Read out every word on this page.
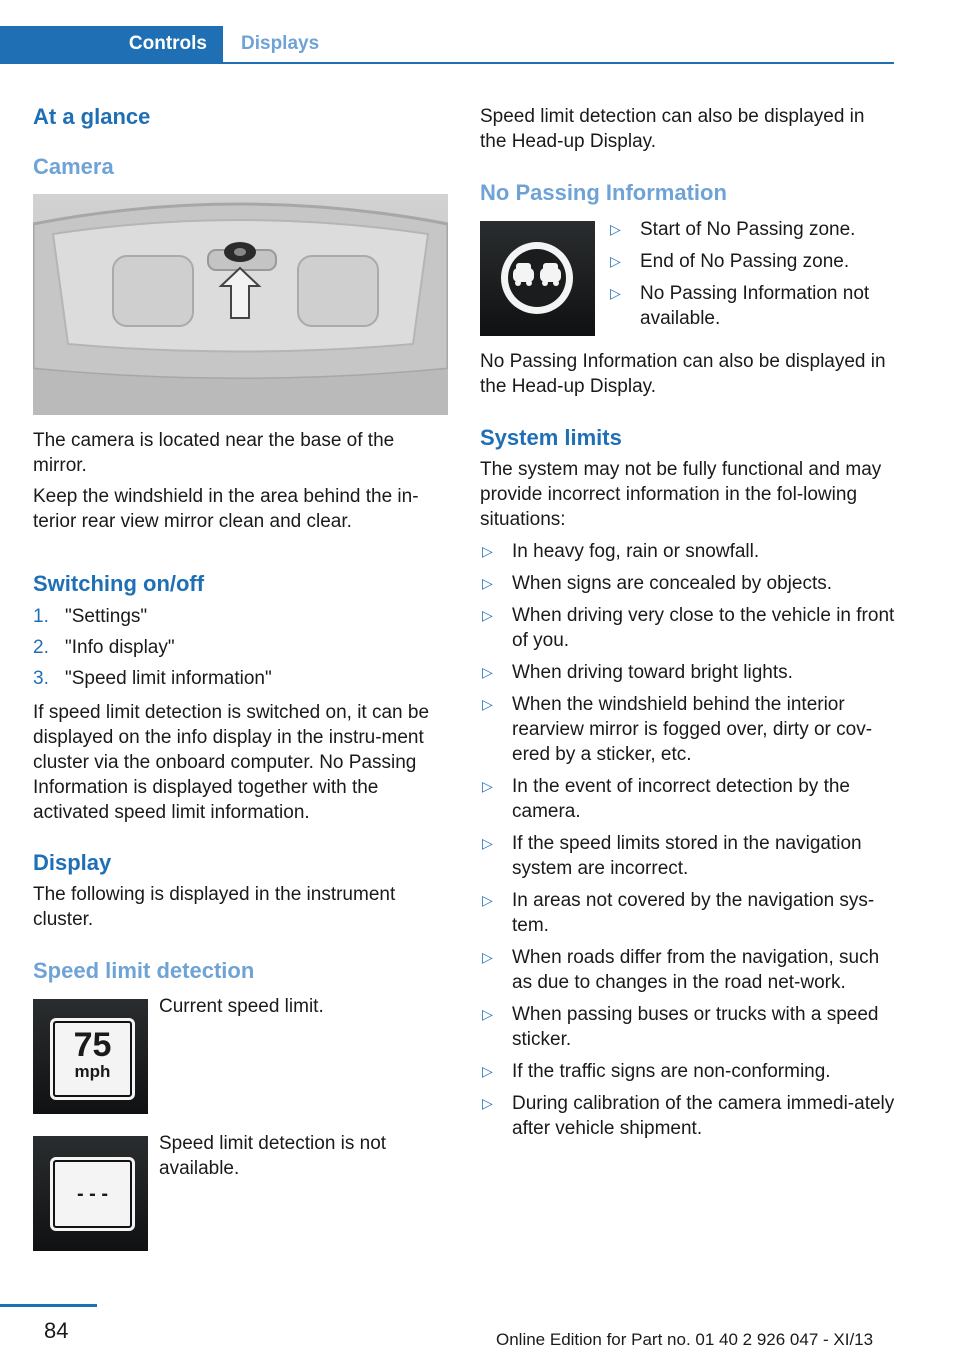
Controls	Displays
At a glance
Camera
The camera is located near the base of the mirror.
Keep the windshield in the area behind the in‐terior rear view mirror clean and clear.
Switching on/off
1. "Settings"
2. "Info display"
3. "Speed limit information"
If speed limit detection is switched on, it can be displayed on the info display in the instru‐ment cluster via the onboard computer. No Passing Information is displayed together with the activated speed limit information.
Display
The following is displayed in the instrument cluster.
Speed limit detection
75
mph
Current speed limit.
- - -
Speed limit detection is not available.
Speed limit detection can also be displayed in the Head-up Display.
No Passing Information
▷ Start of No Passing zone.
▷ End of No Passing zone.
▷ No Passing Information not available.
No Passing Information can also be displayed in the Head-up Display.
System limits
The system may not be fully functional and may provide incorrect information in the fol‐lowing situations:
▷ In heavy fog, rain or snowfall.
▷ When signs are concealed by objects.
▷ When driving very close to the vehicle in front of you.
▷ When driving toward bright lights.
▷ When the windshield behind the interior rearview mirror is fogged over, dirty or cov‐ered by a sticker, etc.
▷ In the event of incorrect detection by the camera.
▷ If the speed limits stored in the navigation system are incorrect.
▷ In areas not covered by the navigation sys‐tem.
▷ When roads differ from the navigation, such as due to changes in the road net‐work.
▷ When passing buses or trucks with a speed sticker.
▷ If the traffic signs are non-conforming.
▷ During calibration of the camera immedi‐ately after vehicle shipment.
84	Online Edition for Part no. 01 40 2 926 047 - XI/13
